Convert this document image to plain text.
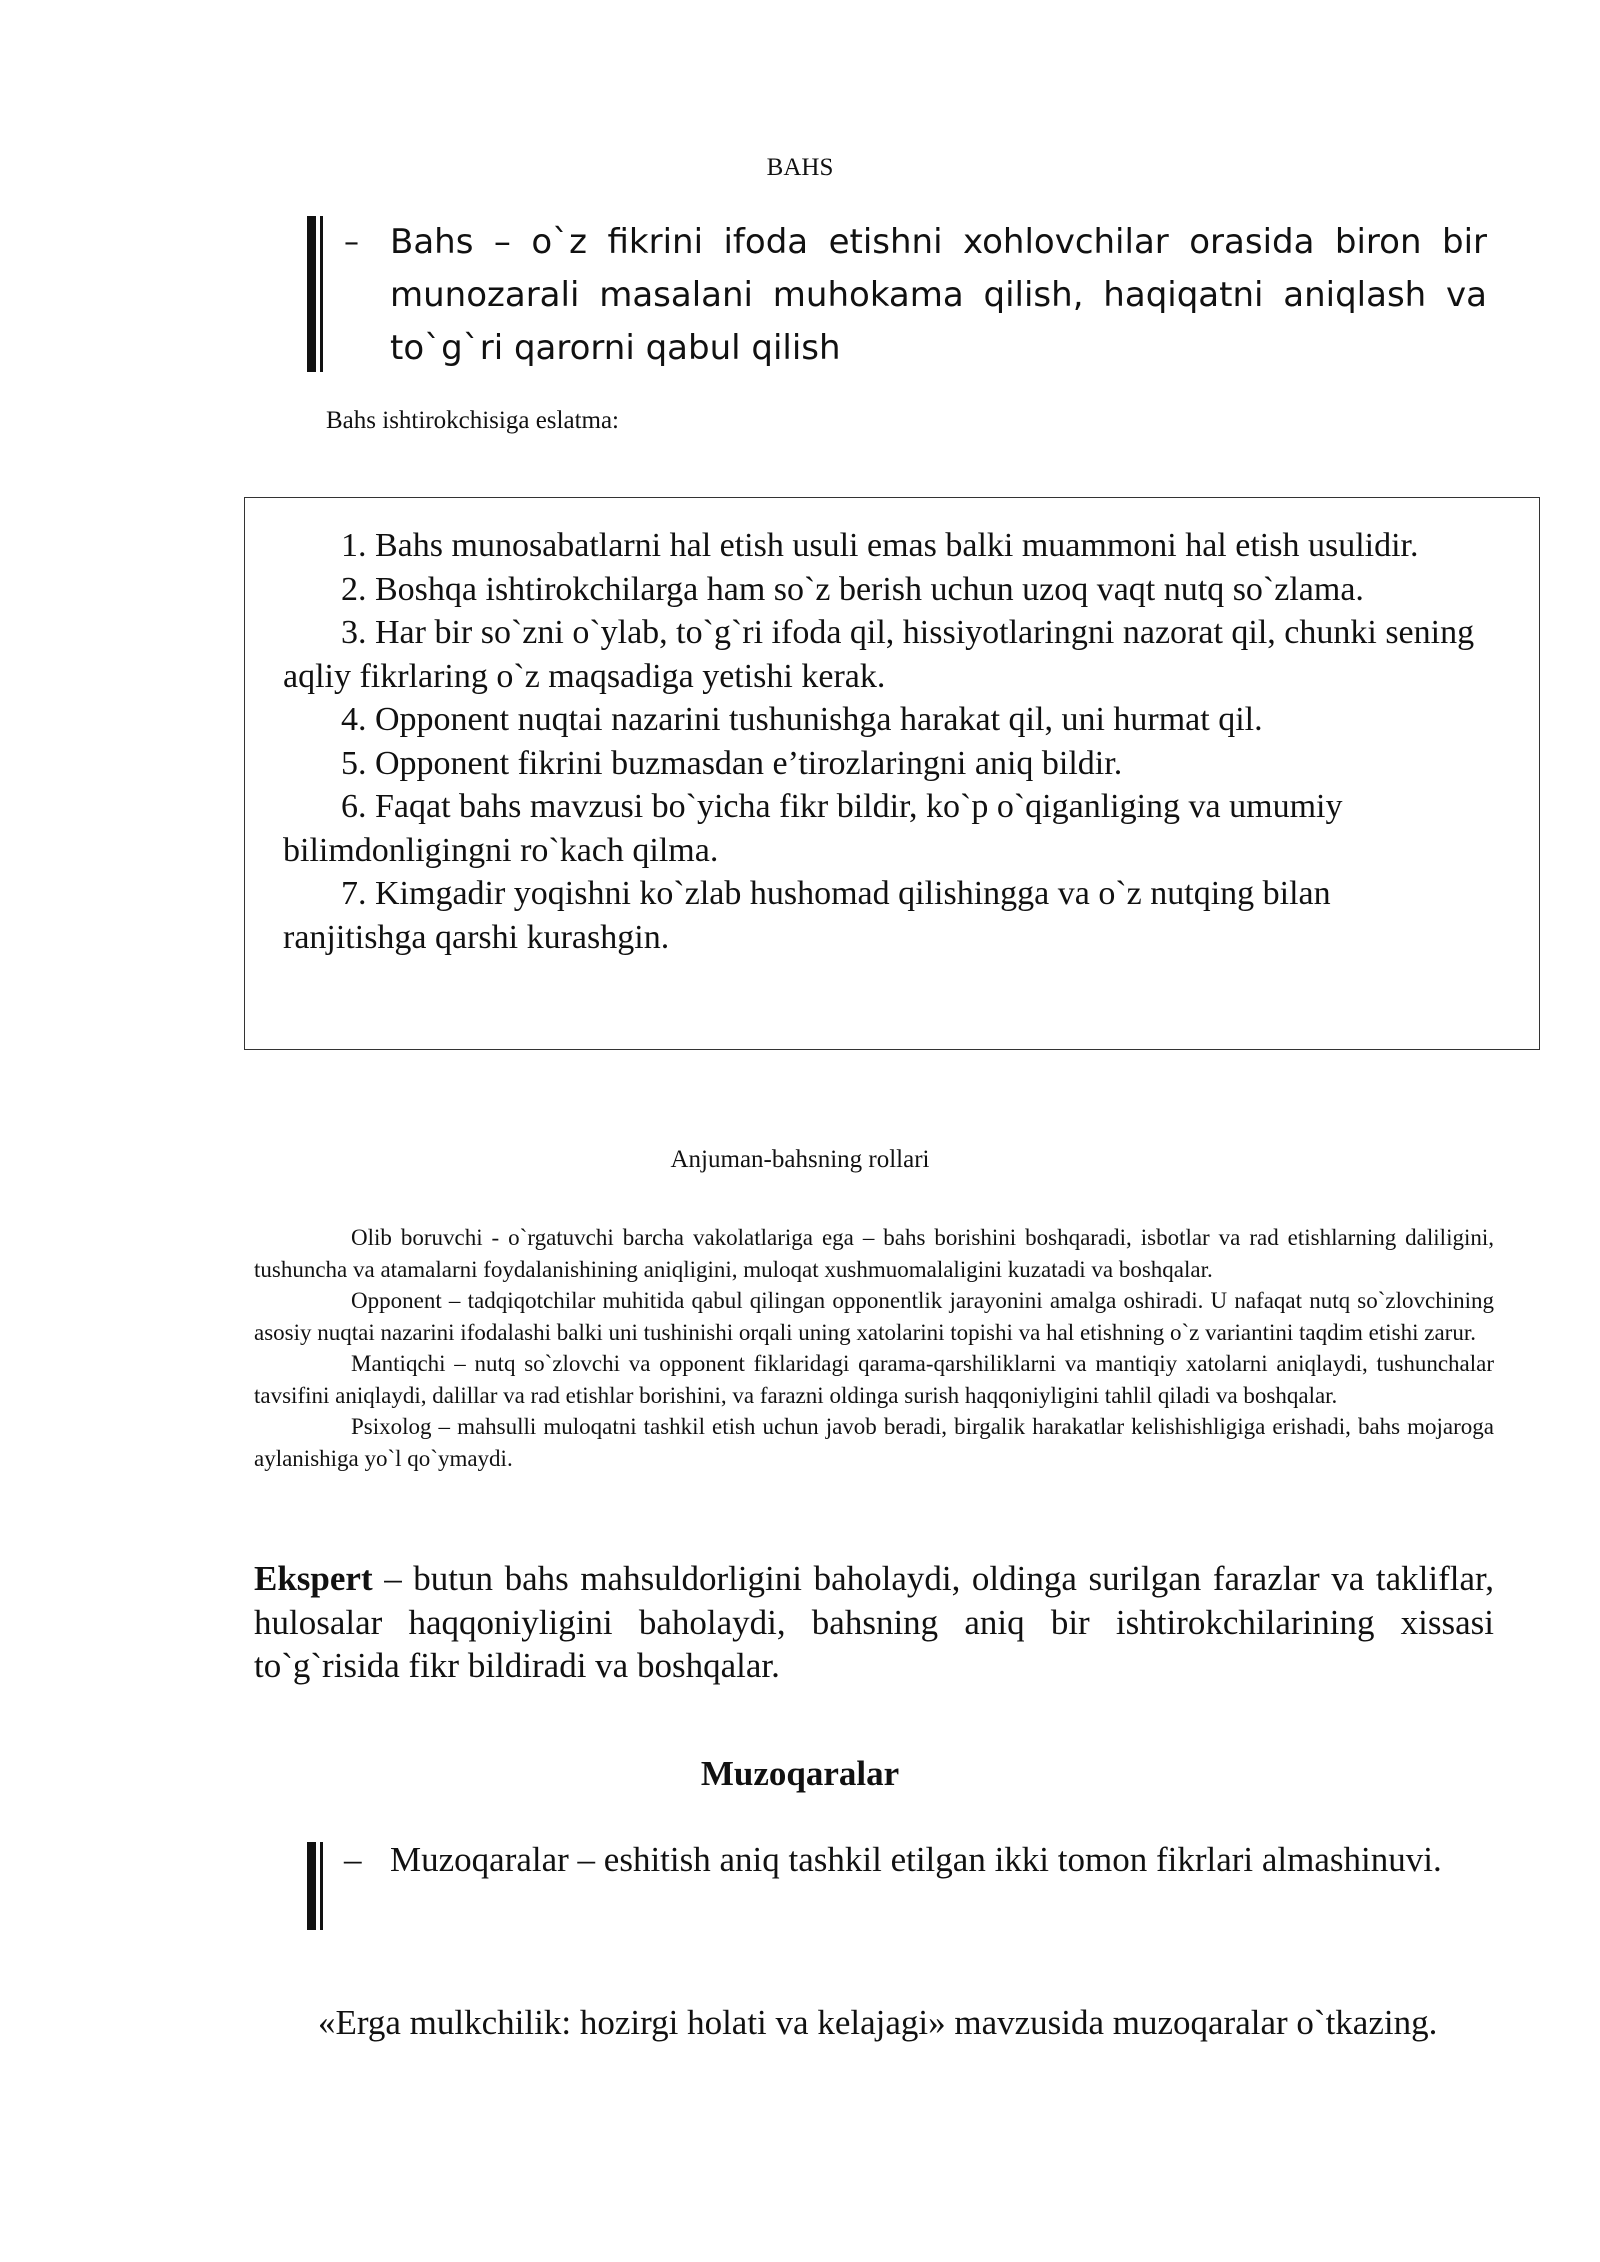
BAHS
– Bahs – o`z fikrini ifoda etishni xohlovchilar orasida biron bir munozarali masalani muhokama qilish, haqiqatni aniqlash va to`g`ri qarorni qabul qilish
Bahs ishtirokchisiga eslatma:
1. Bahs munosabatlarni hal etish usuli emas balki muammoni hal etish usulidir.
2. Boshqa ishtirokchilarga ham so`z berish uchun uzoq vaqt nutq so`zlama.
3. Har bir so`zni o`ylab, to`g`ri ifoda qil, hissiyotlaringni nazorat qil, chunki sening aqliy fikrlaring o`z maqsadiga yetishi kerak.
4. Opponent nuqtai nazarini tushunishga harakat qil, uni hurmat qil.
5. Opponent fikrini buzmasdan e’tirozlaringni aniq bildir.
6. Faqat bahs mavzusi bo`yicha fikr bildir, ko`p o`qiganliging va umumiy bilimdonligingni ro`kach qilma.
7. Kimgadir yoqishni ko`zlab hushomad qilishingga va o`z nutqing bilan ranjitishga qarshi kurashgin.
Anjuman-bahsning rollari

Olib boruvchi - o`rgatuvchi barcha vakolatlariga ega – bahs borishini boshqaradi, isbotlar va rad etishlarning daliligini, tushuncha va atamalarni foydalanishining aniqligini, muloqat xushmuomalaligini kuzatadi va boshqalar.

Opponent – tadqiqotchilar muhitida qabul qilingan opponentlik jarayonini amalga oshiradi. U nafaqat nutq so`zlovchining asosiy nuqtai nazarini ifodalashi balki uni tushinishi orqali uning xatolarini topishi va hal etishning o`z variantini taqdim etishi zarur.

Mantiqchi – nutq so`zlovchi va opponent fiklaridagi qarama-qarshiliklarni va mantiqiy xatolarni aniqlaydi, tushunchalar tavsifini aniqlaydi, dalillar va rad etishlar borishini, va farazni oldinga surish haqqoniyligini tahlil qiladi va boshqalar.

Psixolog – mahsulli muloqatni tashkil etish uchun javob beradi, birgalik harakatlar kelishishligiga erishadi, bahs mojaroga aylanishiga yo`l qo`ymaydi.

Ekspert – butun bahs mahsuldorligini baholaydi, oldinga surilgan farazlar va takliflar, hulosalar haqqoniyligini baholaydi, bahsning aniq bir ishtirokchilarining xissasi to`g`risida fikr bildiradi va boshqalar.
Muzoqaralar
– Muzoqaralar – eshitish aniq tashkil etilgan ikki tomon fikrlari almashinuvi.
«Erga mulkchilik: hozirgi holati va kelajagi» mavzusida muzoqaralar o`tkazing.
